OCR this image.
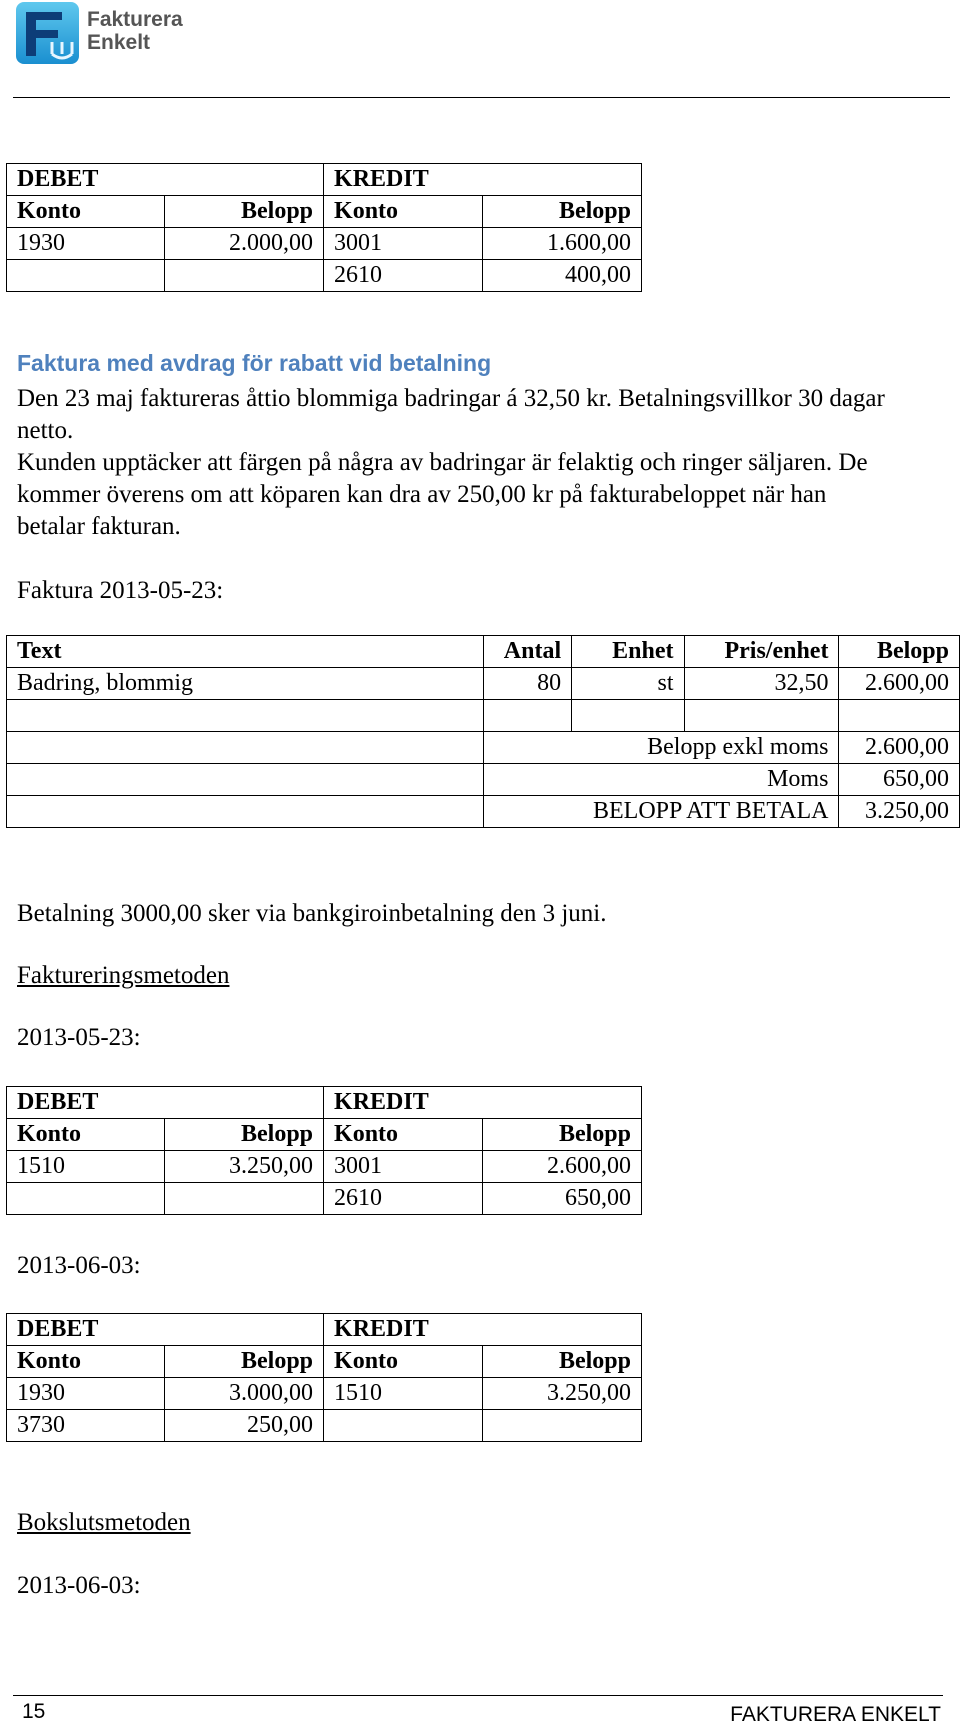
Fakturera
Enkelt
DEBET		KREDIT	
Konto	Belopp	Konto	Belopp
1930	2.000,00	3001	1.600,00
		2610	400,00
Faktura med avdrag för rabatt vid betalning
Den 23 maj faktureras åttio blommiga badringar á 32,50 kr. Betalningsvillkor 30 dagar netto.
Kunden upptäcker att färgen på några av badringar är felaktig och ringer säljaren. De kommer överens om att köparen kan dra av 250,00 kr på fakturabeloppet när han betalar fakturan.
Faktura 2013-05-23:
Text	Antal	Enhet	Pris/enhet	Belopp
Badring, blommig	80	st	32,50	2.600,00

	Belopp exkl moms			2.600,00
	Moms			650,00
	BELOPP ATT BETALA			3.250,00
Betalning 3000,00 sker via bankgiroinbetalning den 3 juni.
Faktureringsmetoden
2013-05-23:
DEBET		KREDIT	
Konto	Belopp	Konto	Belopp
1510	3.250,00	3001	2.600,00
		2610	650,00
2013-06-03:
DEBET		KREDIT	
Konto	Belopp	Konto	Belopp
1930	3.000,00	1510	3.250,00
3730	250,00		
Bokslutsmetoden
2013-06-03:
15	FAKTURERA ENKELT
